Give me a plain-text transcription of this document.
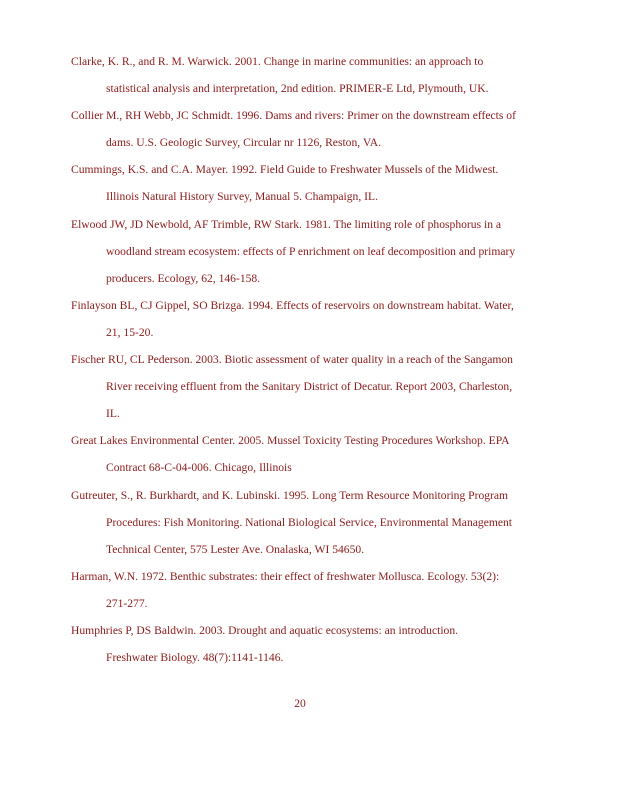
Clarke, K. R., and R. M. Warwick. 2001. Change in marine communities: an approach to
statistical analysis and interpretation, 2nd edition. PRIMER-E Ltd, Plymouth, UK.
Collier M., RH Webb, JC Schmidt. 1996. Dams and rivers: Primer on the downstream effects of
dams. U.S. Geologic Survey, Circular nr 1126, Reston, VA.
Cummings, K.S. and C.A. Mayer. 1992. Field Guide to Freshwater Mussels of the Midwest.
Illinois Natural History Survey, Manual 5. Champaign, IL.
Elwood JW, JD Newbold, AF Trimble, RW Stark. 1981. The limiting role of phosphorus in a
woodland stream ecosystem: effects of P enrichment on leaf decomposition and primary
producers. Ecology, 62, 146-158.
Finlayson BL, CJ Gippel, SO Brizga. 1994. Effects of reservoirs on downstream habitat. Water,
21, 15-20.
Fischer RU, CL Pederson. 2003. Biotic assessment of water quality in a reach of the Sangamon
River receiving effluent from the Sanitary District of Decatur. Report 2003, Charleston,
IL.
Great Lakes Environmental Center. 2005. Mussel Toxicity Testing Procedures Workshop. EPA
Contract 68-C-04-006. Chicago, Illinois
Gutreuter, S., R. Burkhardt, and K. Lubinski. 1995. Long Term Resource Monitoring Program
Procedures: Fish Monitoring. National Biological Service, Environmental Management
Technical Center, 575 Lester Ave. Onalaska, WI 54650.
Harman, W.N. 1972. Benthic substrates: their effect of freshwater Mollusca. Ecology. 53(2):
271-277.
Humphries P, DS Baldwin. 2003. Drought and aquatic ecosystems: an introduction.
Freshwater Biology. 48(7):1141-1146.
20
